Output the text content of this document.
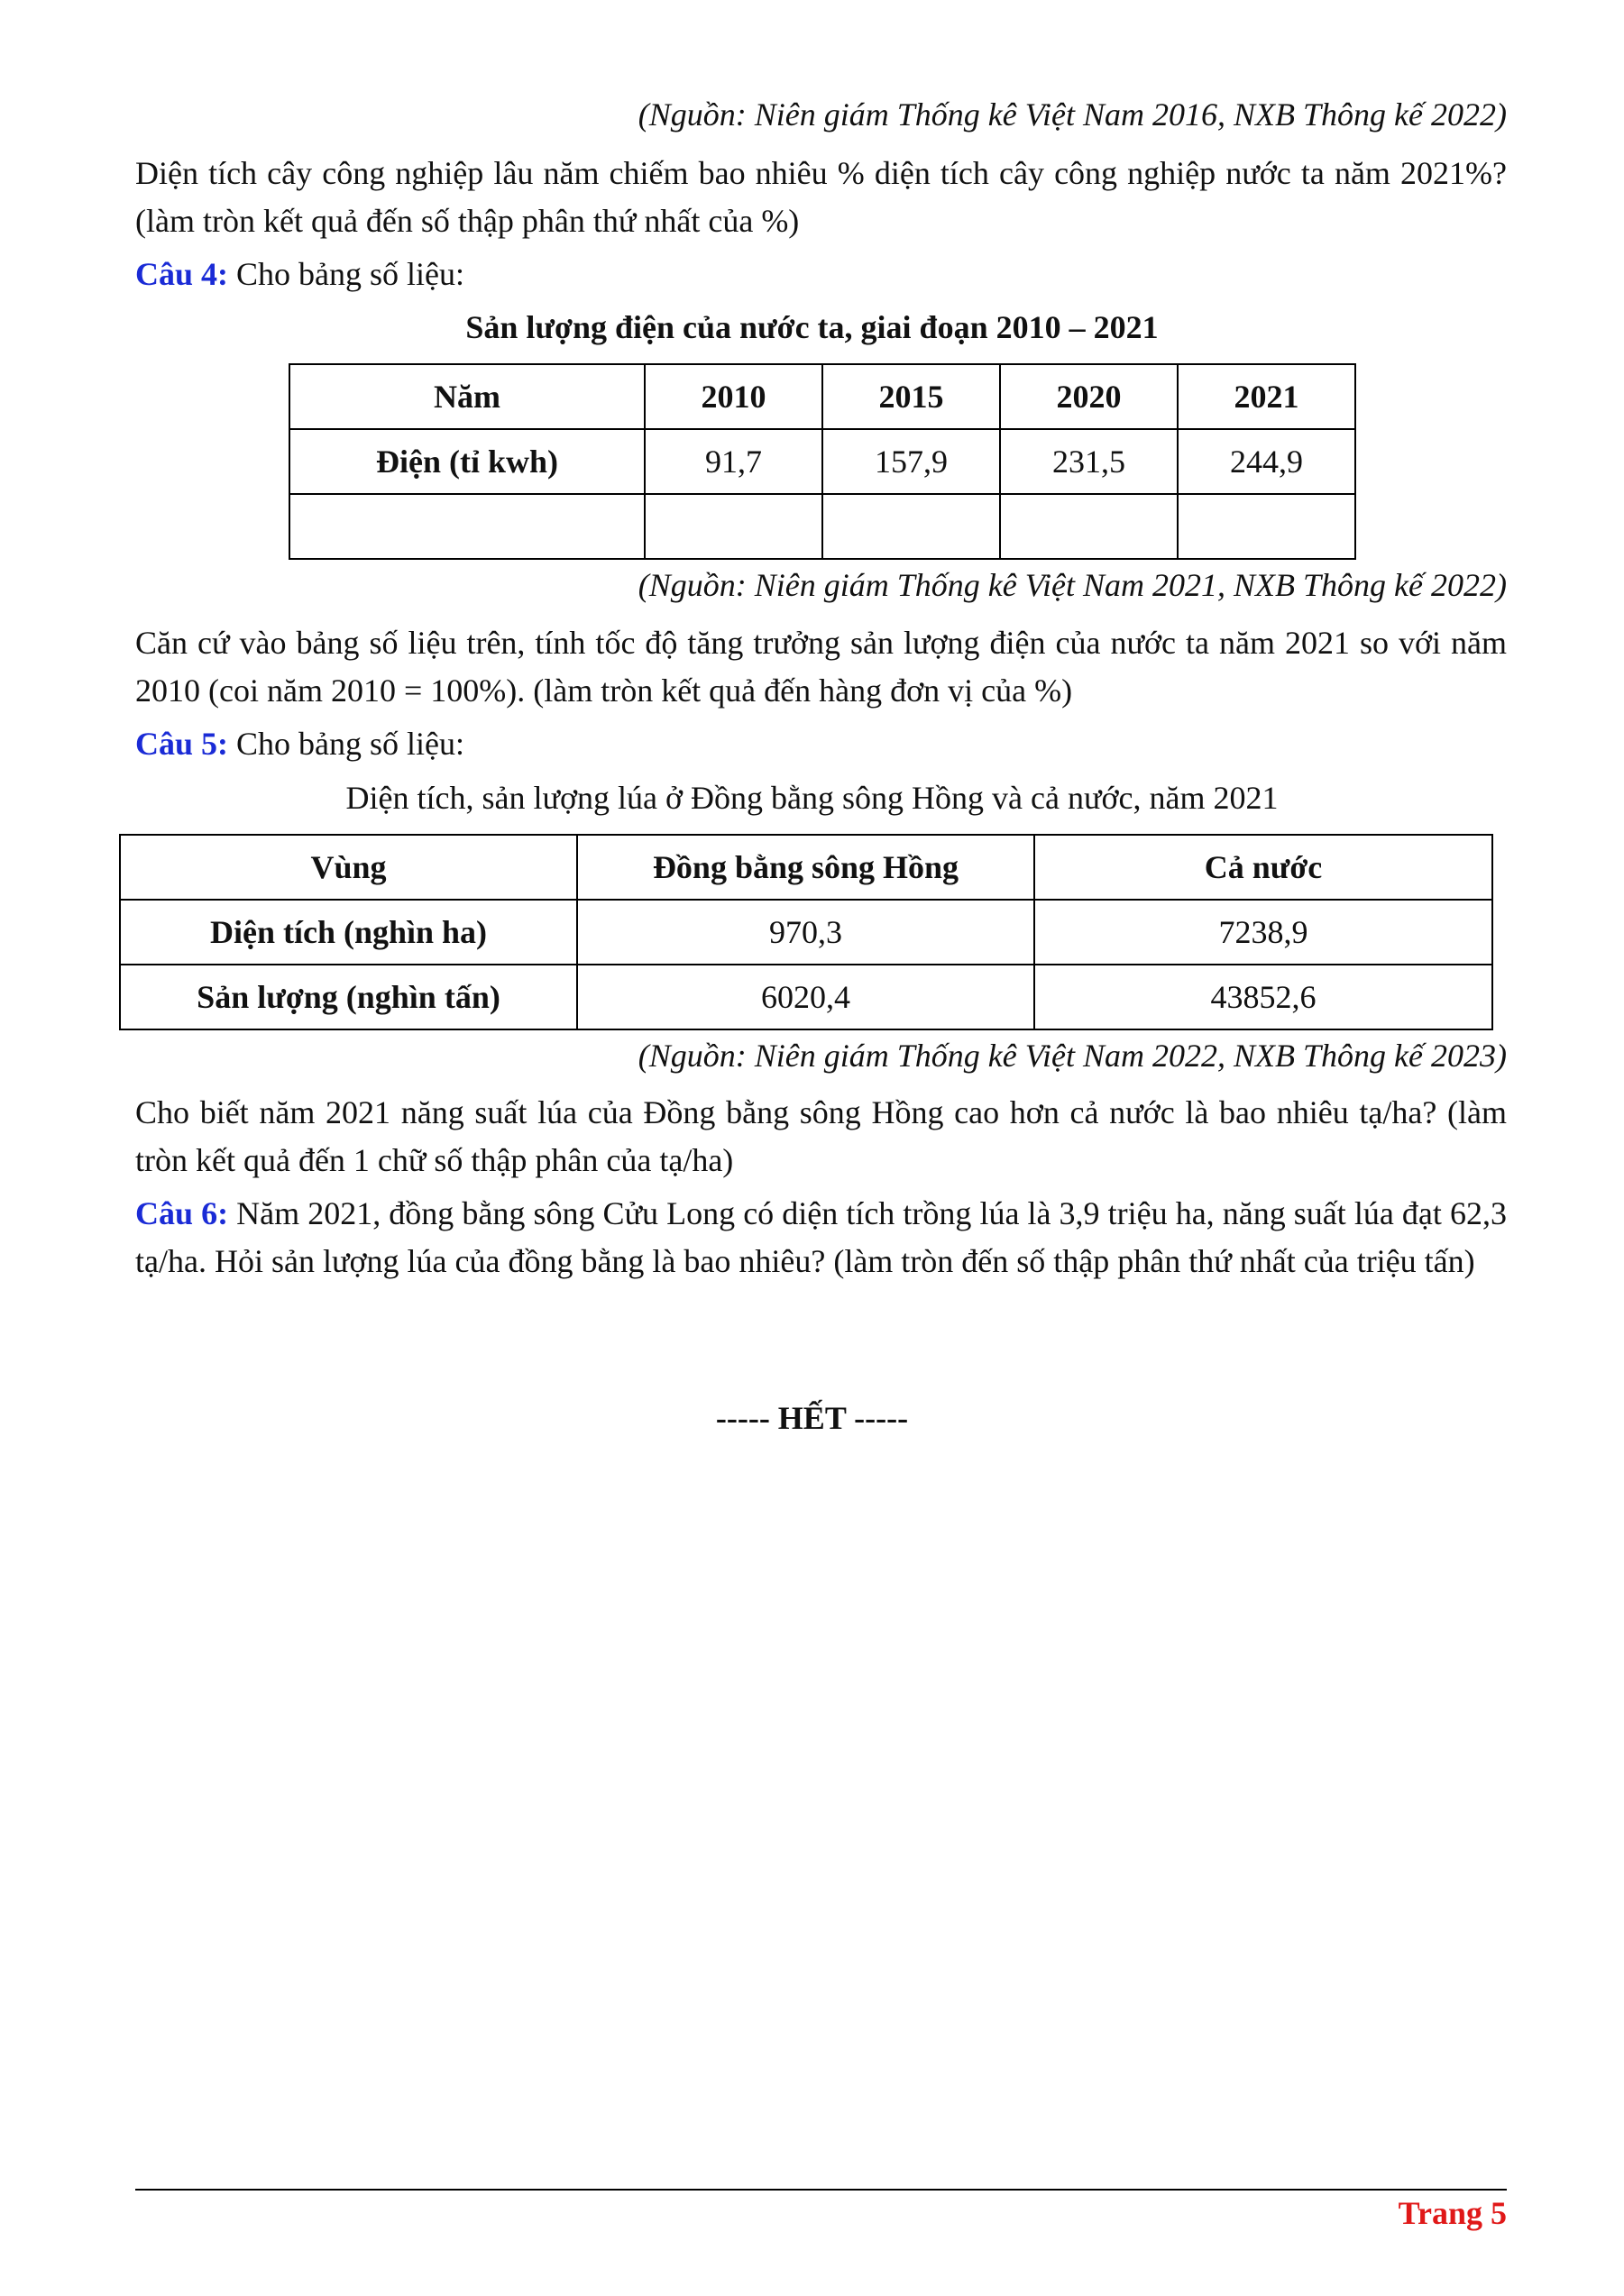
(Nguồn: Niên giám Thống kê Việt Nam 2016, NXB Thông kế 2022)
Diện tích cây công nghiệp lâu năm chiếm bao nhiêu % diện tích cây công nghiệp nước ta năm 2021%? (làm tròn kết quả đến số thập phân thứ nhất của %)
Câu 4: Cho bảng số liệu:
Sản lượng điện của nước ta, giai đoạn 2010 – 2021
Năm	2010	2015	2020	2021
Điện (tỉ kwh)	91,7	157,9	231,5	244,9

(Nguồn: Niên giám Thống kê Việt Nam 2021, NXB Thông kế 2022)
Căn cứ vào bảng số liệu trên, tính tốc độ tăng trưởng sản lượng điện của nước ta năm 2021 so với năm 2010 (coi năm 2010 = 100%). (làm tròn kết quả đến hàng đơn vị của %)
Câu 5: Cho bảng số liệu:
Diện tích, sản lượng lúa ở Đồng bằng sông Hồng và cả nước, năm 2021
Vùng	Đồng bằng sông Hồng	Cả nước
Diện tích (nghìn ha)	970,3	7238,9
Sản lượng (nghìn tấn)	6020,4	43852,6
(Nguồn: Niên giám Thống kê Việt Nam 2022, NXB Thông kế 2023)
Cho biết năm 2021 năng suất lúa của Đồng bằng sông Hồng cao hơn cả nước là bao nhiêu tạ/ha? (làm tròn kết quả đến 1 chữ số thập phân của tạ/ha)
Câu 6: Năm 2021, đồng bằng sông Cửu Long có diện tích trồng lúa là 3,9 triệu ha, năng suất lúa đạt 62,3 tạ/ha. Hỏi sản lượng lúa của đồng bằng là bao nhiêu? (làm tròn đến số thập phân thứ nhất của triệu tấn)
----- HẾT -----
Trang 5
